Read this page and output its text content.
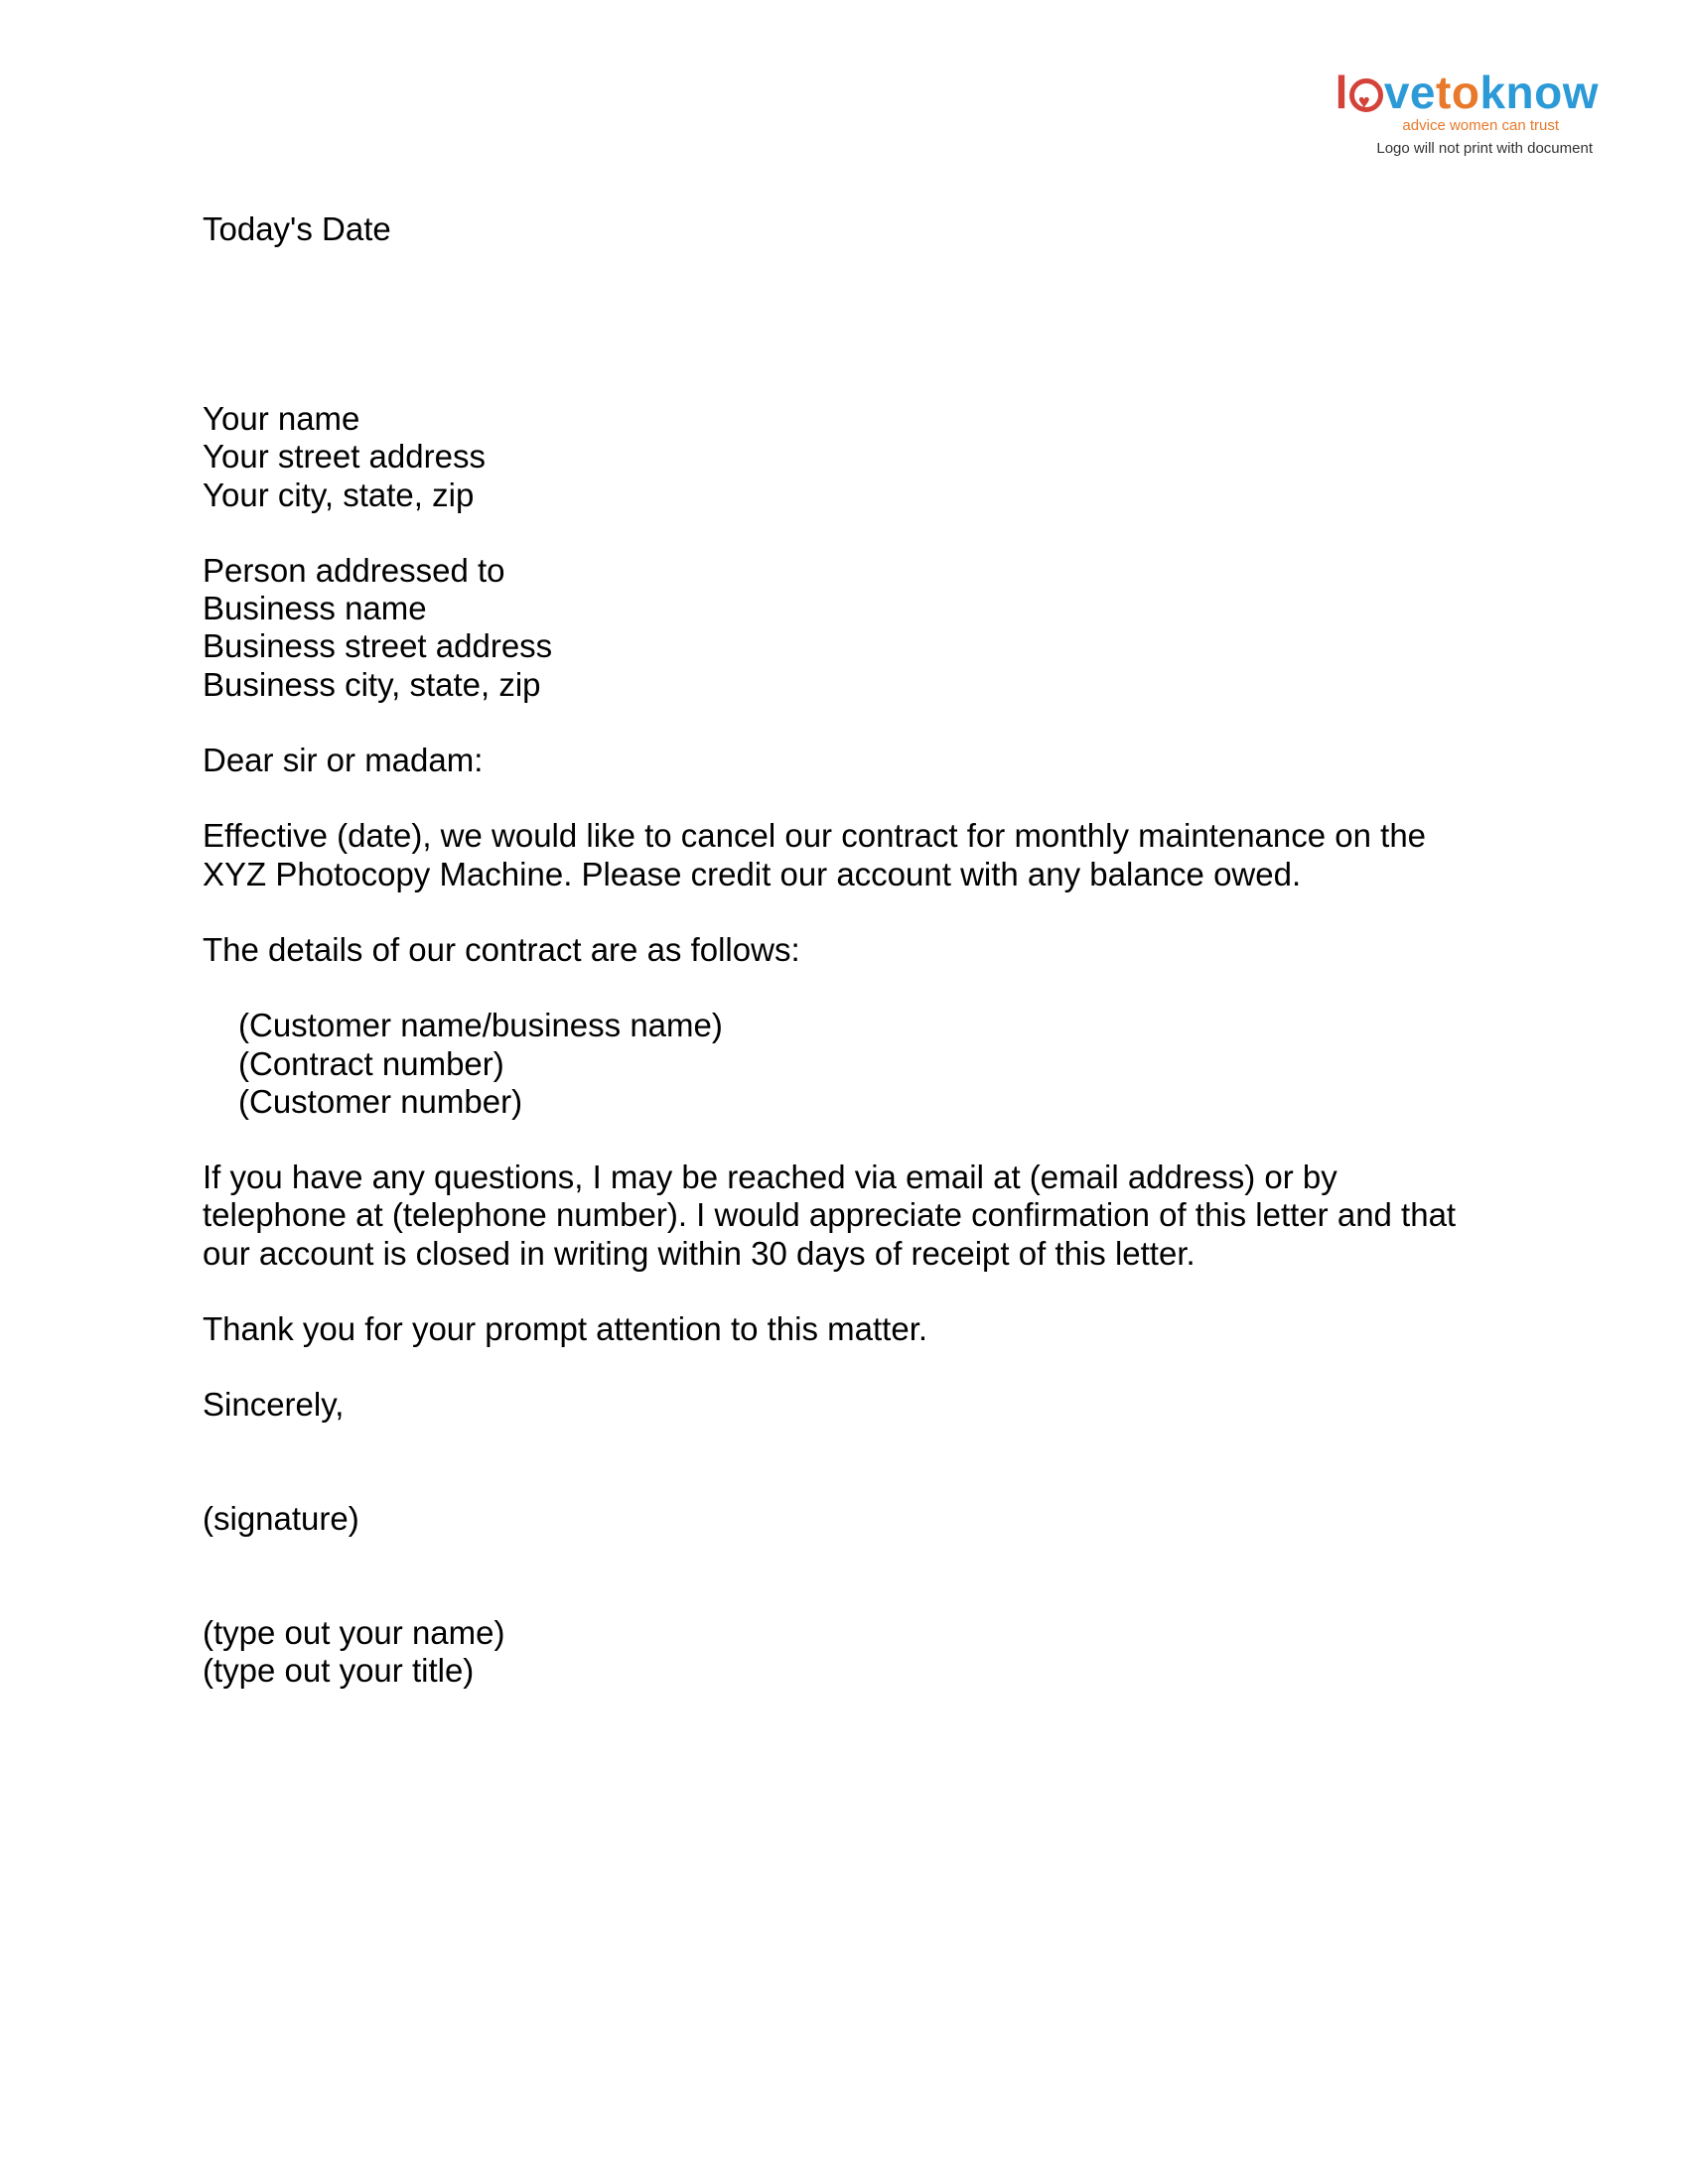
l♥ vetoknow
advice women can trust
Logo will not print with document
Today's Date
Your name
Your street address
Your city, state, zip
Person addressed to
Business name
Business street address
Business city, state, zip
Dear sir or madam:
Effective (date), we would like to cancel our contract for monthly maintenance on the
XYZ Photocopy Machine. Please credit our account with any balance owed.
The details of our contract are as follows:
(Customer name/business name)
(Contract number)
(Customer number)
If you have any questions, I may be reached via email at (email address) or by
telephone at (telephone number). I would appreciate confirmation of this letter and that
our account is closed in writing within 30 days of receipt of this letter.
Thank you for your prompt attention to this matter.
Sincerely,
(signature)
(type out your name)
(type out your title)
